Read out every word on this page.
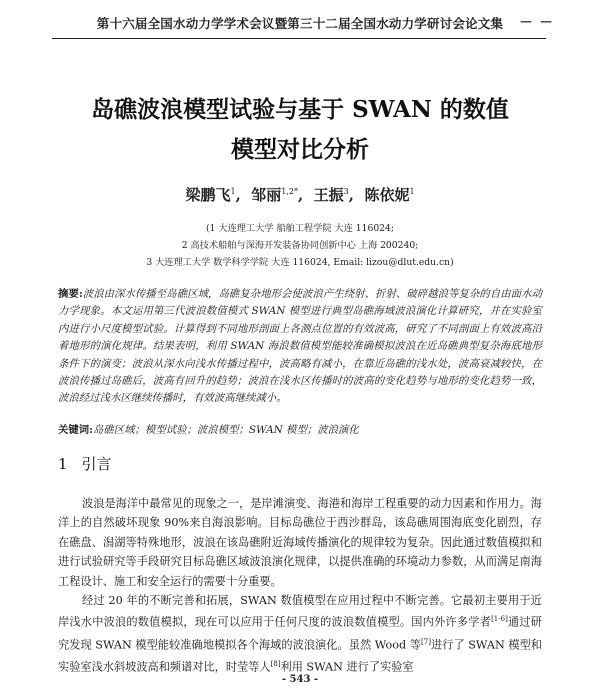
第十六届全国水动力学学术会议暨第三十二届全国水动力学研讨会论文集	— —
岛礁波浪模型试验与基于 SWAN 的数值
模型对比分析
梁鹏飞$^1$,  邹丽$^{1,2*}$,  王振$^3$,  陈依妮$^1$
(1 大连理工大学 船舶工程学院 大连 116024;
2 高技术船舶与深海开发装备协同创新中心 上海 200240;
3 大连理工大学 数学科学学院 大连 116024, Email: lizou@dlut.edu.cn)
摘要:波浪由深水传播至岛礁区域，岛礁复杂地形会使波浪产生绕射、折射、破碎越浪等复杂的自由面水动力学现象。本文运用第三代波浪数值模式 SWAN 模型进行典型岛礁海域波浪演化计算研究，并在实验室内进行小尺度模型试验。计算得到不同地形剖面上各测点位置的有效波高，研究了不同剖面上有效波高沿着地形的演化规律。结果表明，利用 SWAN 海浪数值模型能较准确模拟波浪在近岛礁典型复杂海底地形条件下的演变；波浪从深水向浅水传播过程中，波高略有减小，在靠近岛礁的浅水处，波高衰减较快，在波浪传播过岛礁后，波高有回升的趋势；波浪在浅水区传播时的波高的变化趋势与地形的变化趋势一致，波浪经过浅水区继续传播时，有效波高继续减小。
关键词:岛礁区域；模型试验；波浪模型；SWAN 模型；波浪演化
1 引言

波浪是海洋中最常见的现象之一，是岸滩演变、海港和海岸工程重要的动力因素和作用力。海洋上的自然破坏现象 90%来自海浪影响。目标岛礁位于西沙群岛，该岛礁周围海底变化剧烈，存在礁盘、潟湖等特殊地形，波浪在该岛礁附近海域传播演化的规律较为复杂。因此通过数值模拟和进行试验研究等手段研究目标岛礁区域波浪演化规律，以提供准确的环境动力参数，从而满足南海工程设计、施工和安全运行的需要十分重要。

经过 20 年的不断完善和拓展，SWAN 数值模型在应用过程中不断完善。它最初主要用于近岸浅水中波浪的数值模拟，现在可以应用于任何尺度的波浪数值模型。国内外许多学者[1-6]通过研究发现 SWAN 模型能较准确地模拟各个海域的波浪演化。虽然 Wood 等[7]进行了 SWAN 模型和实验室浅水斜坡波高和频谱对比，时莹等人[8]利用 SWAN 进行了实验室

- 543 -
